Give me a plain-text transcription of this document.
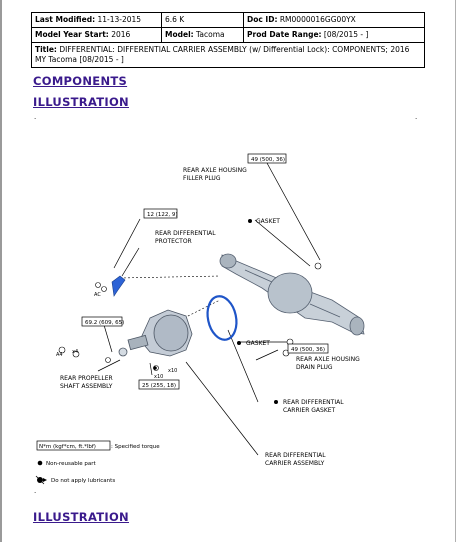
Last Modified: 11-13-2015	6.6 K	Doc ID: RM0000016GG00YX
Model Year Start: 2016	Model: Tacoma	Prod Date Range: [08/2015 - ]
Title: DIFFERENTIAL: DIFFERENTIAL CARRIER ASSEMBLY (w/ Differential Lock): COMPONENTS; 2016 MY Tacoma [08/2015 - ]		
COMPONENTS
ILLUSTRATION
.	.
49 (500, 36)
12 (122, 9)
69.2 (609, 65)
49 (500, 36)
25 (255, 18)
REAR AXLE HOUSING
FILLER PLUG
GASKET
REAR DIFFERENTIAL
PROTECTOR
GASKET
REAR AXLE HOUSING
DRAIN PLUG
REAR PROPELLER
SHAFT ASSEMBLY
REAR DIFFERENTIAL
CARRIER GASKET
REAR DIFFERENTIAL
CARRIER ASSEMBLY
x10
x10
x4
AC
A4
N*m (kgf*cm, ft.*lbf)	: Specified torque
Non-reusable part
Do not apply lubricants
.
ILLUSTRATION
